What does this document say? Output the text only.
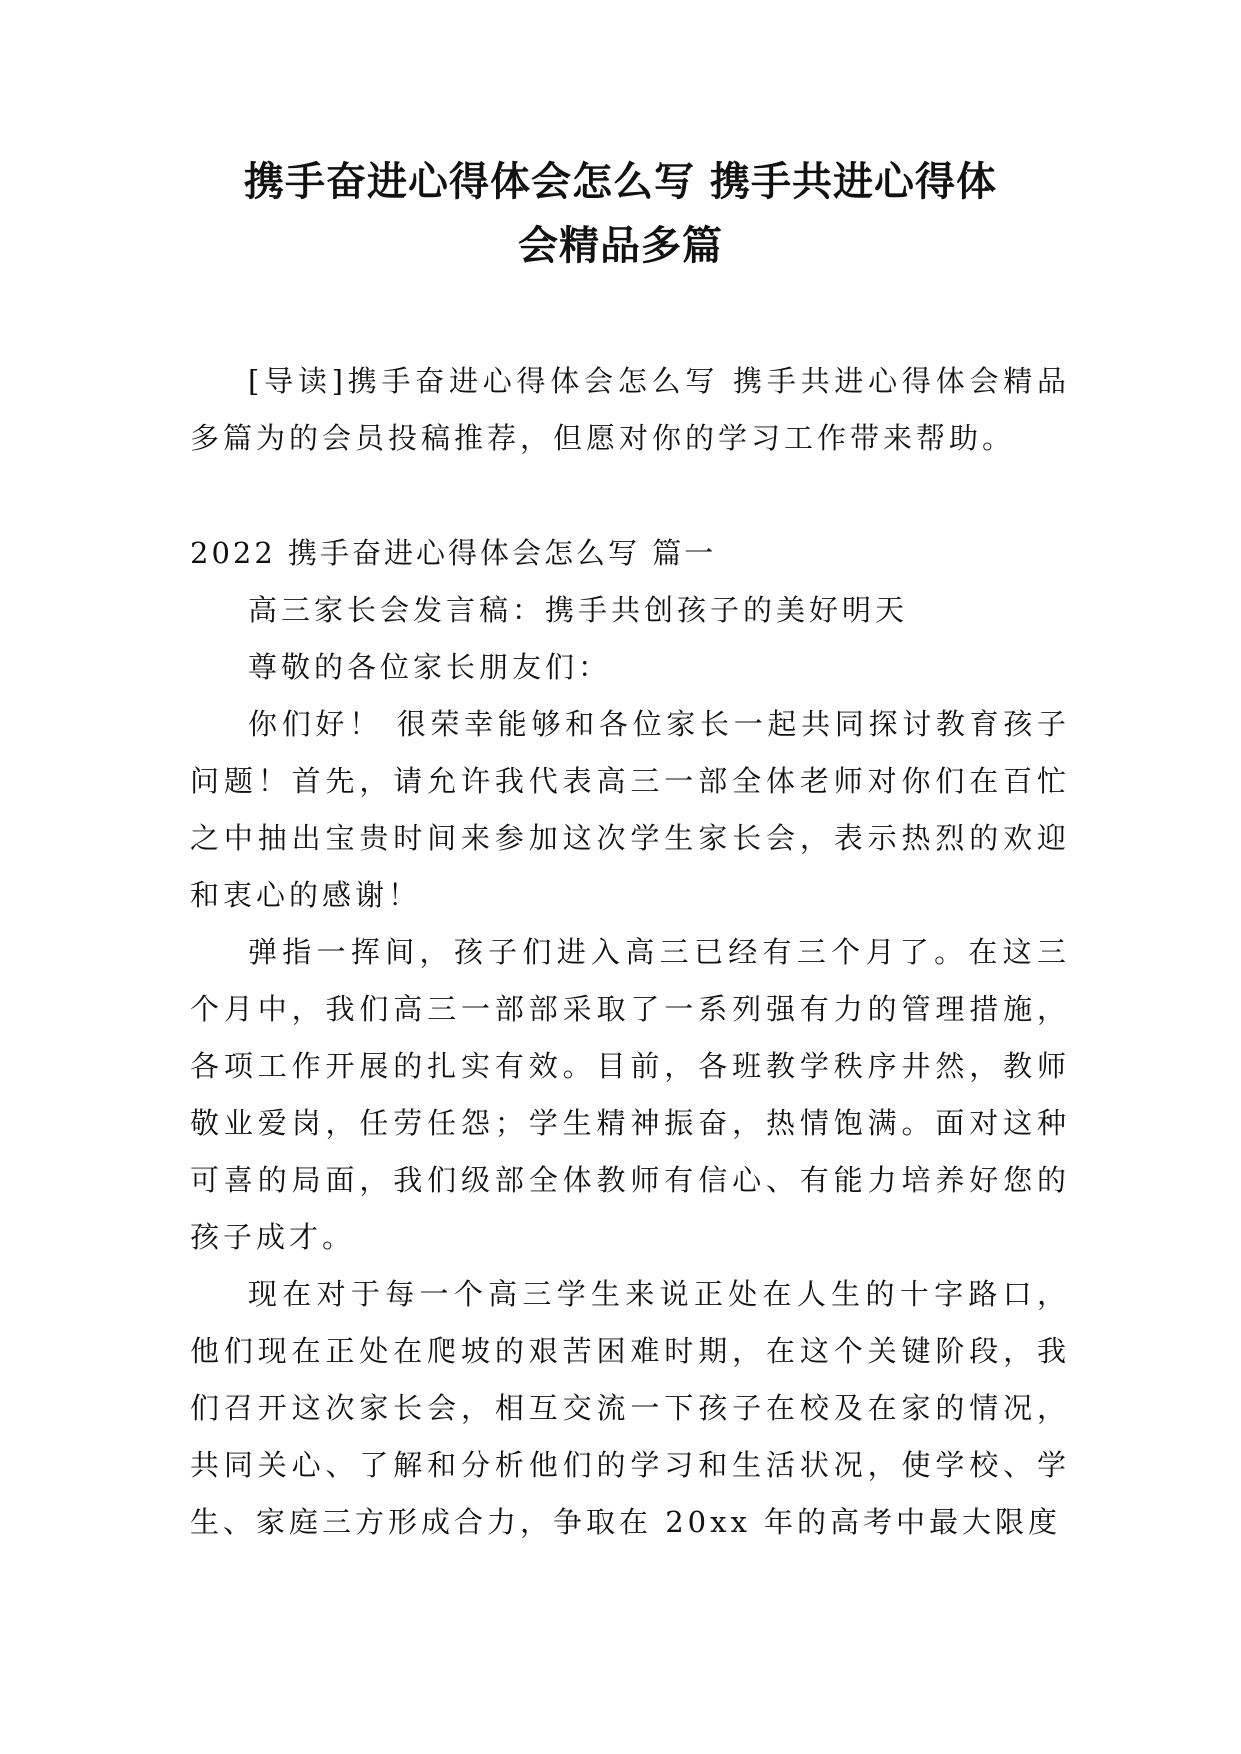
携手奋进心得体会怎么写 携手共进心得体
会精品多篇

[导读]携手奋进心得体会怎么写 携手共进心得体会精品多篇为的会员投稿推荐，但愿对你的学习工作带来帮助。

2022 携手奋进心得体会怎么写 篇一

高三家长会发言稿：携手共创孩子的美好明天

尊敬的各位家长朋友们：

你们好！ 很荣幸能够和各位家长一起共同探讨教育孩子问题！首先，请允许我代表高三一部全体老师对你们在百忙之中抽出宝贵时间来参加这次学生家长会，表示热烈的欢迎和衷心的感谢！

弹指一挥间，孩子们进入高三已经有三个月了。在这三个月中，我们高三一部部采取了一系列强有力的管理措施，各项工作开展的扎实有效。目前，各班教学秩序井然，教师敬业爱岗，任劳任怨；学生精神振奋，热情饱满。面对这种可喜的局面，我们级部全体教师有信心、有能力培养好您的孩子成才。

现在对于每一个高三学生来说正处在人生的十字路口，他们现在正处在爬坡的艰苦困难时期，在这个关键阶段，我们召开这次家长会，相互交流一下孩子在校及在家的情况，共同关心、了解和分析他们的学习和生活状况，使学校、学生、家庭三方形成合力，争取在 20xx 年的高考中最大限度
